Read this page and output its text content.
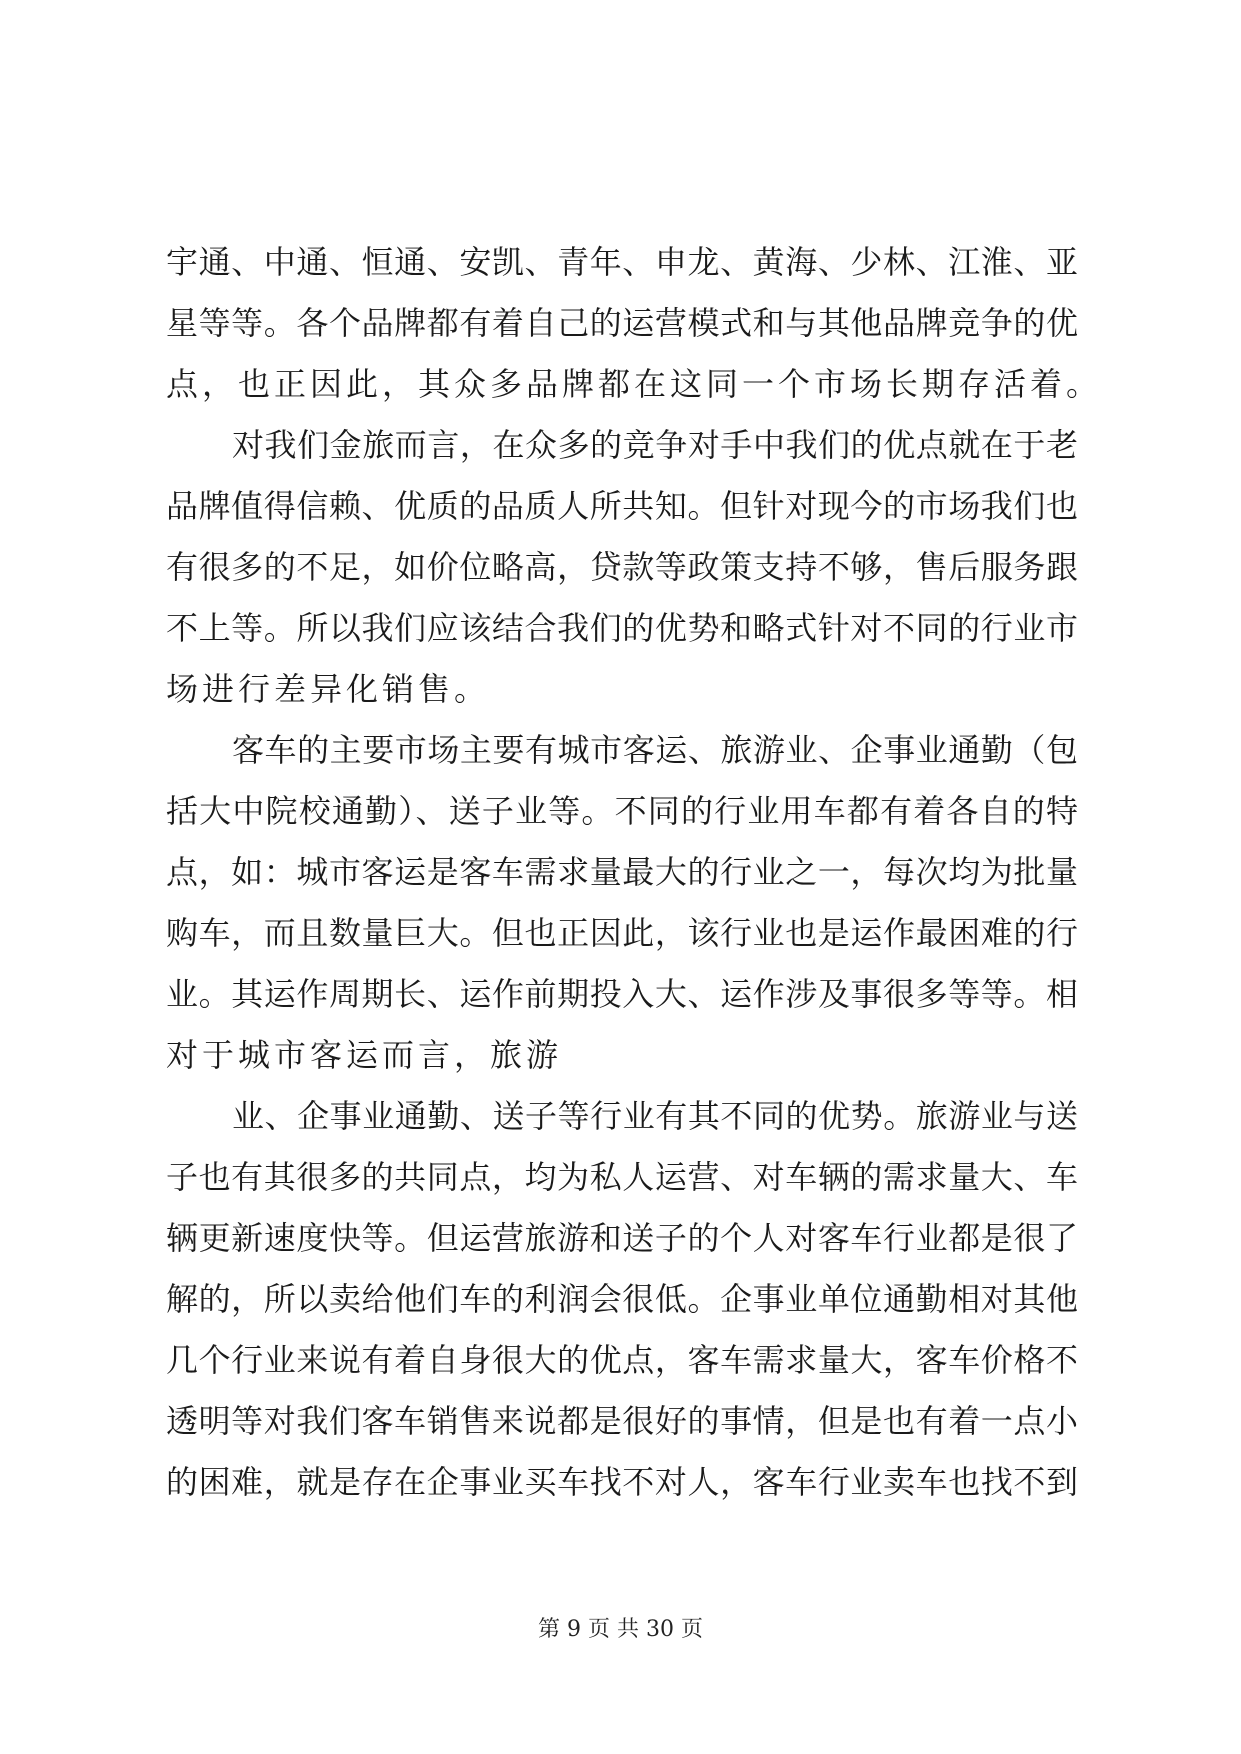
宇通、中通、恒通、安凯、青年、申龙、黄海、少林、江淮、亚
星等等。各个品牌都有着自己的运营模式和与其他品牌竞争的优
点，也正因此，其众多品牌都在这同一个市场长期存活着。
对我们金旅而言，在众多的竞争对手中我们的优点就在于老
品牌值得信赖、优质的品质人所共知。但针对现今的市场我们也
有很多的不足，如价位略高，贷款等政策支持不够，售后服务跟
不上等。所以我们应该结合我们的优势和略式针对不同的行业市
场进行差异化销售。
客车的主要市场主要有城市客运、旅游业、企事业通勤（包
括大中院校通勤）、送子业等。不同的行业用车都有着各自的特
点，如：城市客运是客车需求量最大的行业之一，每次均为批量
购车，而且数量巨大。但也正因此，该行业也是运作最困难的行
业。其运作周期长、运作前期投入大、运作涉及事很多等等。相
对于城市客运而言，旅游
业、企事业通勤、送子等行业有其不同的优势。旅游业与送
子也有其很多的共同点，均为私人运营、对车辆的需求量大、车
辆更新速度快等。但运营旅游和送子的个人对客车行业都是很了
解的，所以卖给他们车的利润会很低。企事业单位通勤相对其他
几个行业来说有着自身很大的优点，客车需求量大，客车价格不
透明等对我们客车销售来说都是很好的事情，但是也有着一点小
的困难，就是存在企事业买车找不对人，客车行业卖车也找不到
第 9 页 共 30 页
